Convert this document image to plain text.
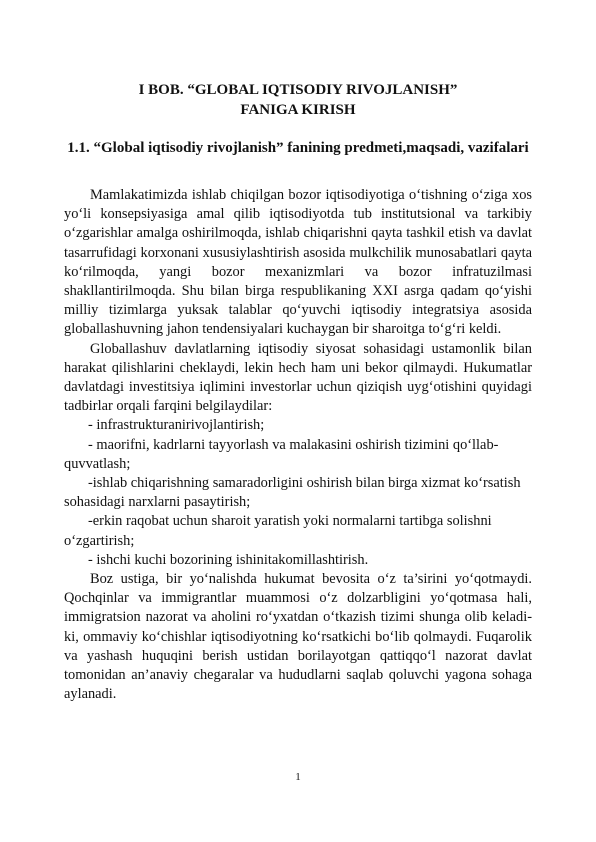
I BOB. “GLOBAL IQTISODIY RIVOJLANISH”
FANIGA KIRISH
1.1. “Global iqtisodiy rivojlanish” fanining predmeti,maqsadi, vazifalari

Mamlakatimizda ishlab chiqilgan bozor iqtisodiyotiga o‘tishning o‘ziga xos yo‘li konsepsiyasiga amal qilib iqtisodiyotda tub institutsional va tarkibiy o‘zgarishlar amalga oshirilmoqda, ishlab chiqarishni qayta tashkil etish va davlat tasarrufidagi korxonani xususiylashtirish asosida mulkchilik munosabatlari qayta ko‘rilmoqda, yangi bozor mexanizmlari va bozor infratuzilmasi shakllantirilmoqda. Shu bilan birga respublikaning XXI asrga qadam qo‘yishi milliy tizimlarga yuksak talablar qo‘yuvchi iqtisodiy integratsiya asosida globallashuvning jahon tendensiyalari kuchaygan bir sharoitga to‘g‘ri keldi.

Globallashuv davlatlarning iqtisodiy siyosat sohasidagi ustamonlik bilan harakat qilishlarini cheklaydi, lekin hech ham uni bekor qilmaydi. Hukumatlar davlatdagi investitsiya iqlimini investorlar uchun qiziqish uyg‘otishini quyidagi tadbirlar orqali farqini belgilaydilar:

- infrastrukturanirivojlantirish;

- maorifni, kadrlarni tayyorlash va malakasini oshirish tizimini qo‘llab-quvvatlash;

-ishlab chiqarishning samaradorligini oshirish bilan birga xizmat ko‘rsatish sohasidagi narxlarni pasaytirish;

-erkin raqobat uchun sharoit yaratish yoki normalarni tartibga solishni o‘zgartirish;

- ishchi kuchi bozorining ishinitakomillashtirish.

Boz ustiga, bir yo‘nalishda hukumat bevosita o‘z ta’sirini yo‘qotmaydi. Qochqinlar va immigrantlar muammosi o‘z dolzarbligini yo‘qotmasa hali, immigratsion nazorat va aholini ro‘yxatdan o‘tkazish tizimi shunga olib keladi-ki, ommaviy ko‘chishlar iqtisodiyotning ko‘rsatkichi bo‘lib qolmaydi. Fuqarolik va yashash huquqini berish ustidan borilayotgan qattiqqo‘l nazorat davlat tomonidan an’anaviy chegaralar va hududlarni saqlab qoluvchi yagona sohaga aylanadi.

1
